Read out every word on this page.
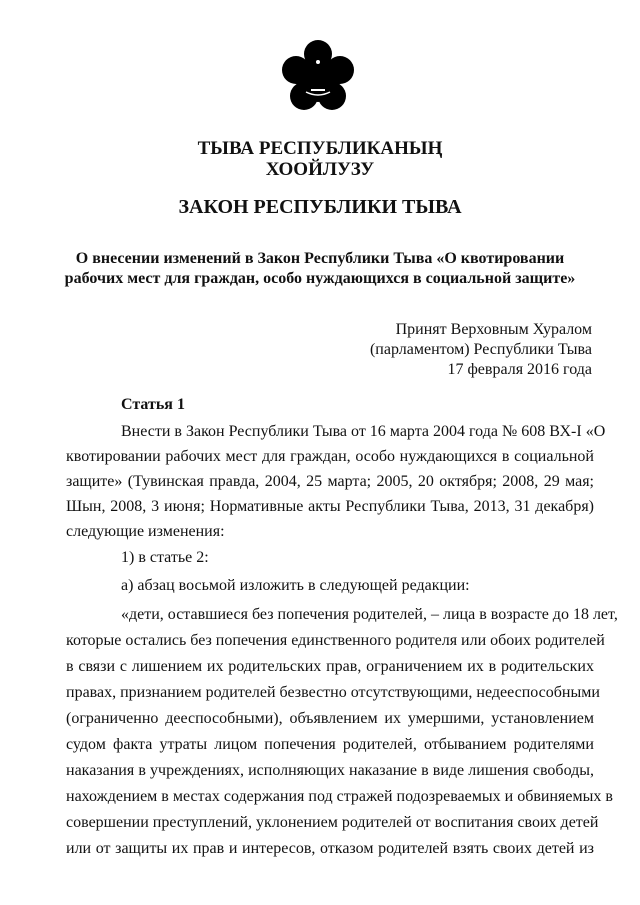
ТЫВА РЕСПУБЛИКАНЫҢ
ХООЙЛУЗУ
ЗАКОН РЕСПУБЛИКИ ТЫВА
О внесении изменений в Закон Республики Тыва «О квотировании
рабочих мест для граждан, особо нуждающихся в социальной защите»
Принят Верховным Хуралом
(парламентом) Республики Тыва
17 февраля 2016 года
Статья 1
Внести в Закон Республики Тыва от 16 марта 2004 года № 608 ВХ-I «О
квотировании рабочих мест для граждан, особо нуждающихся в социальной
защите» (Тувинская правда, 2004, 25 марта; 2005, 20 октября; 2008, 29 мая;
Шын, 2008, 3 июня; Нормативные акты Республики Тыва, 2013, 31 декабря)
следующие изменения:
1) в статье 2:
а) абзац восьмой изложить в следующей редакции:
«дети, оставшиеся без попечения родителей, – лица в возрасте до 18 лет,
которые остались без попечения единственного родителя или обоих родителей
в связи с лишением их родительских прав, ограничением их в родительских
правах, признанием родителей безвестно отсутствующими, недееспособными
(ограниченно дееспособными), объявлением их умершими, установлением
судом факта утраты лицом попечения родителей, отбыванием родителями
наказания в учреждениях, исполняющих наказание в виде лишения свободы,
нахождением в местах содержания под стражей подозреваемых и обвиняемых в
совершении преступлений, уклонением родителей от воспитания своих детей
или от защиты их прав и интересов, отказом родителей взять своих детей из
